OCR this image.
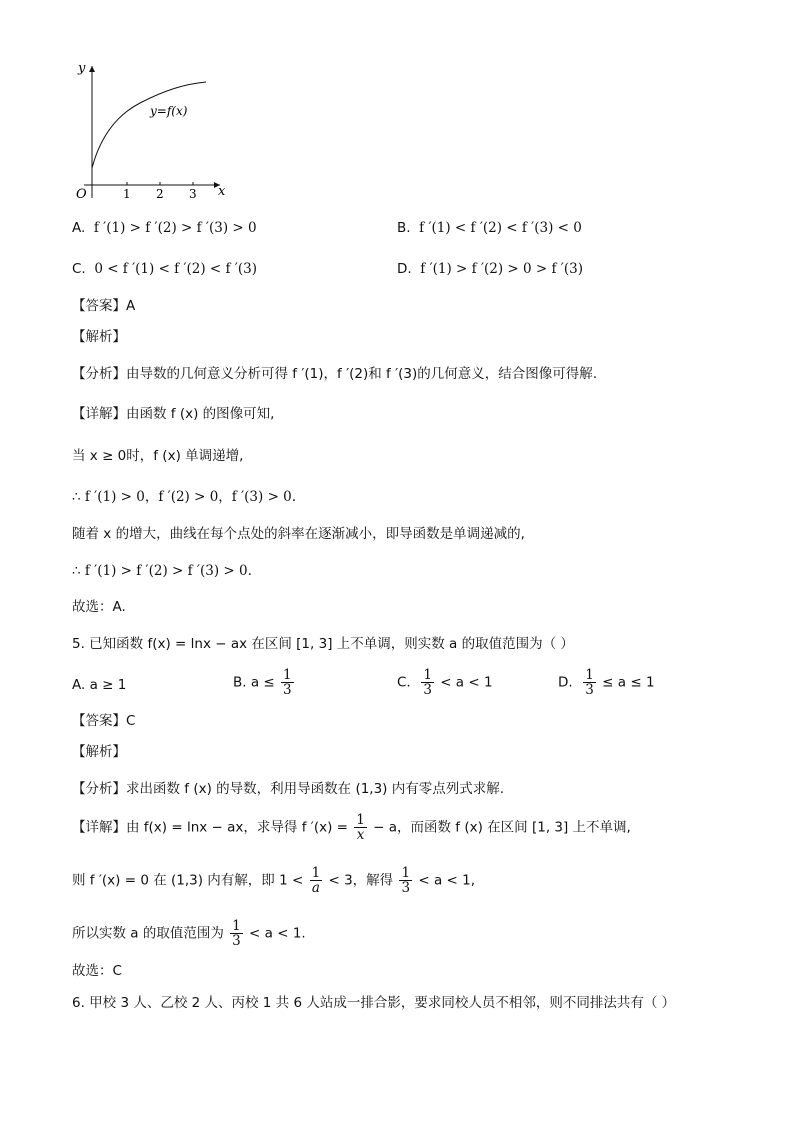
y
x
O	1 2 3
y=f(x)
A. f ′(1) > f ′(2) > f ′(3) > 0	B. f ′(1) < f ′(2) < f ′(3) < 0
C. 0 < f ′(1) < f ′(2) < f ′(3)	D. f ′(1) > f ′(2) > 0 > f ′(3)
【答案】A
【解析】
【分析】由导数的几何意义分析可得 f ′(1)，f ′(2)和 f ′(3)的几何意义，结合图像可得解.
【详解】由函数 f (x) 的图像可知,
当 x ≥ 0时，f (x) 单调递增,
∴ f ′(1) > 0，f ′(2) > 0，f ′(3) > 0.
随着 x 的增大，曲线在每个点处的斜率在逐渐减小，即导函数是单调递减的,
∴ f ′(1) > f ′(2) > f ′(3) > 0.
故选：A.
5. 已知函数 f(x) = lnx − ax 在区间 [1, 3] 上不单调，则实数 a 的取值范围为（ ）
A. a ≥ 1	B. $a \le \frac{1}{3}$	C. $\frac{1}{3} < a < 1$	D. $\frac{1}{3} \le a \le 1$
【答案】C
【解析】
【分析】求出函数 f (x) 的导数，利用导函数在 (1,3) 内有零点列式求解.
【详解】由 f(x) = lnx − ax，求导得 f $'(x) = \frac{1}{x} - a$，而函数 f (x) 在区间 [1, 3] 上不单调,
则 f ′(x) = 0 在 (1,3) 内有解，即 $1 < \frac{1}{a} < 3$，解得 $\frac{1}{3} < a < 1$,
所以实数 a 的取值范围为 $\frac{1}{3} < a < 1$.
故选：C
6. 甲校 3 人、乙校 2 人、丙校 1 共 6 人站成一排合影，要求同校人员不相邻，则不同排法共有（ ）
